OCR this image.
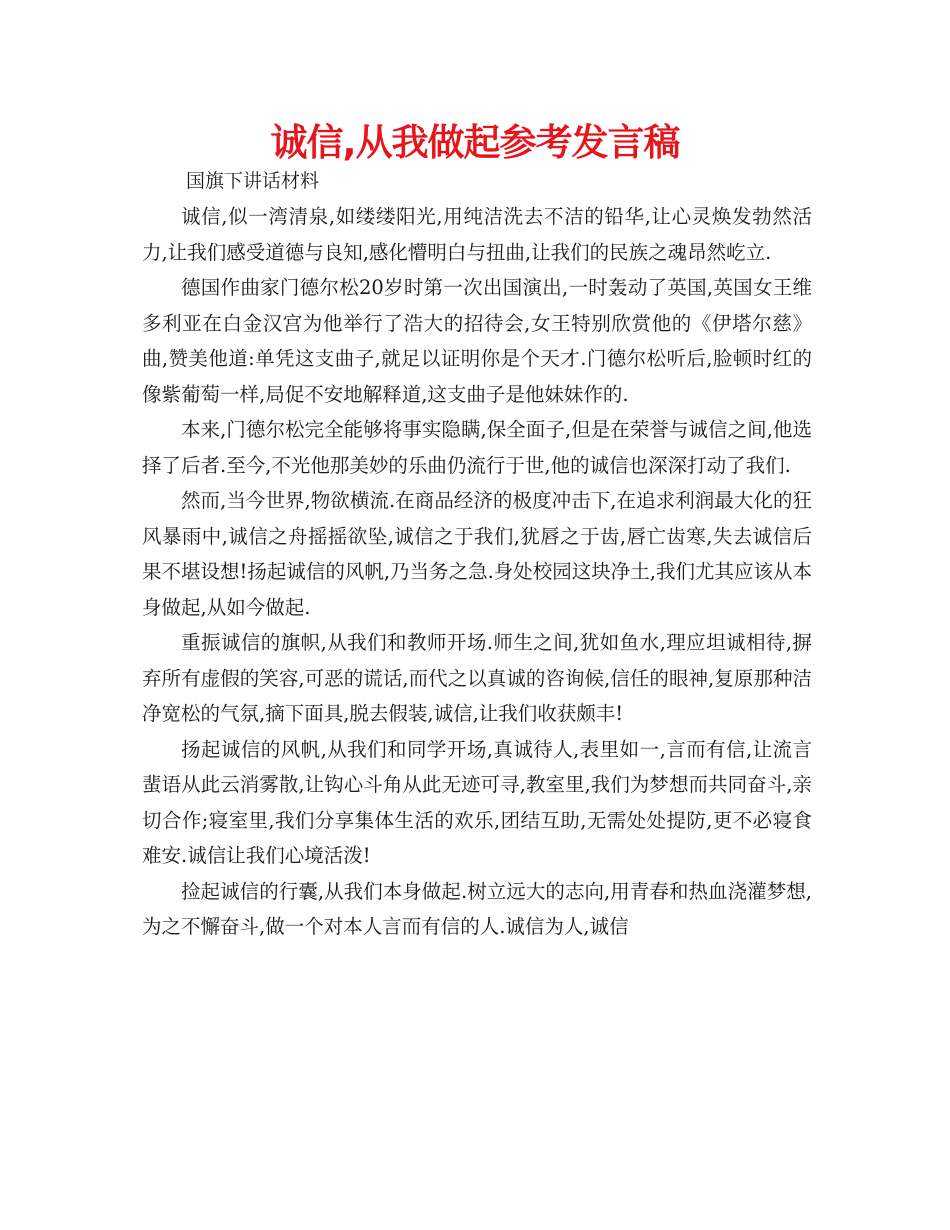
诚信,从我做起参考发言稿
国旗下讲话材料

诚信,似一湾清泉,如缕缕阳光,用纯洁洗去不洁的铅华,让心灵焕发勃然活力,让我们感受道德与良知,感化懵明白与扭曲,让我们的民族之魂昂然屹立.

德国作曲家门德尔松20岁时第一次出国演出,一时轰动了英国,英国女王维多利亚在白金汉宫为他举行了浩大的招待会,女王特别欣赏他的《伊塔尔慈》曲,赞美他道:单凭这支曲子,就足以证明你是个天才.门德尔松听后,脸顿时红的像紫葡萄一样,局促不安地解释道,这支曲子是他妹妹作的.

本来,门德尔松完全能够将事实隐瞒,保全面子,但是在荣誉与诚信之间,他选择了后者.至今,不光他那美妙的乐曲仍流行于世,他的诚信也深深打动了我们.

然而,当今世界,物欲横流.在商品经济的极度冲击下,在追求利润最大化的狂风暴雨中,诚信之舟摇摇欲坠,诚信之于我们,犹唇之于齿,唇亡齿寒,失去诚信后果不堪设想!扬起诚信的风帆,乃当务之急.身处校园这块净土,我们尤其应该从本身做起,从如今做起.

重振诚信的旗帜,从我们和教师开场.师生之间,犹如鱼水,理应坦诚相待,摒弃所有虚假的笑容,可恶的谎话,而代之以真诚的咨询候,信任的眼神,复原那种洁净宽松的气氛,摘下面具,脱去假装,诚信,让我们收获颇丰!

扬起诚信的风帆,从我们和同学开场,真诚待人,表里如一,言而有信,让流言蜚语从此云消雾散,让钩心斗角从此无迹可寻,教室里,我们为梦想而共同奋斗,亲切合作;寝室里,我们分享集体生活的欢乐,团结互助,无需处处提防,更不必寝食难安.诚信让我们心境活泼!

捡起诚信的行囊,从我们本身做起.树立远大的志向,用青春和热血浇灌梦想,为之不懈奋斗,做一个对本人言而有信的人.诚信为人,诚信
